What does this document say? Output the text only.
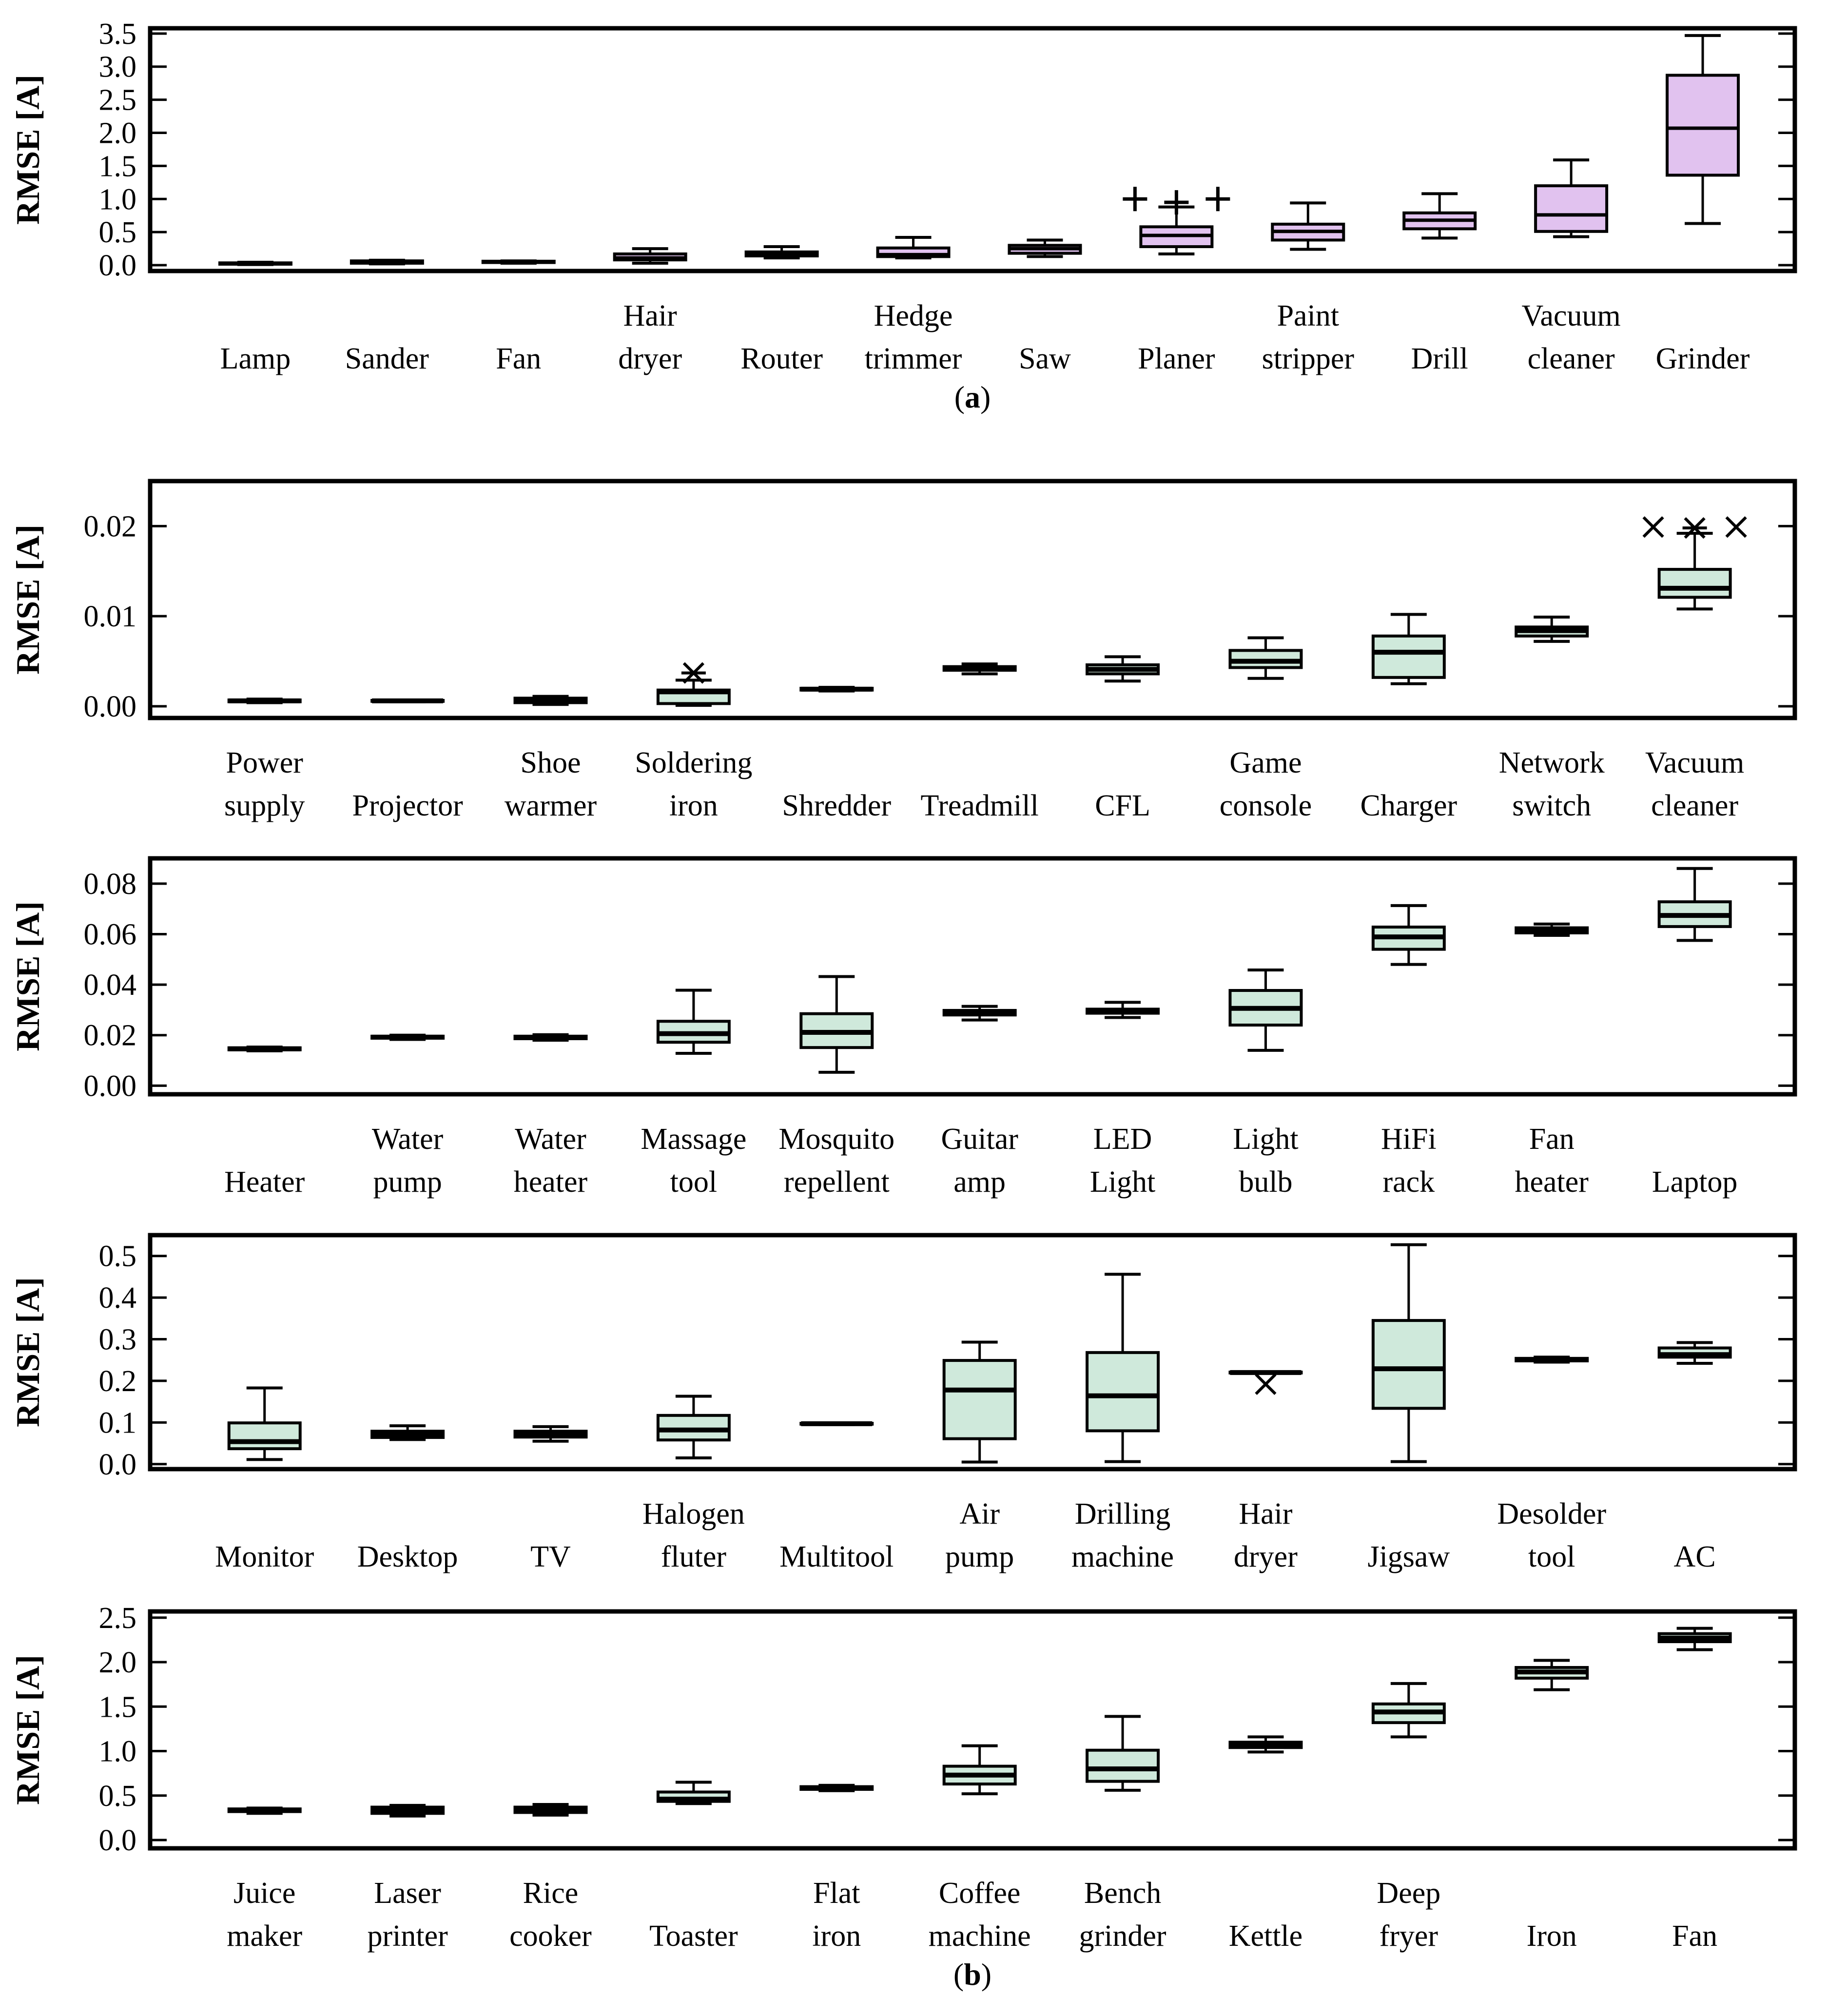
0.0
0.5
1.0
1.5
2.0
2.5
3.0
3.5
RMSE [A]
Lamp Sander Fan
Hair dryer Router
Hedge trimmer Saw Planer
Paint stripper Drill
Vacuum cleaner Grinder
(a)
0.00
0.01
0.02
RMSE [A]
Power supply Projector
Shoe warmer
Soldering iron	Shredder Treadmill CFL
Game console Charger
Network switch
Vacuum cleaner
0.00
0.02
0.04
0.06
0.08
RMSE [A]
Heater
Water pump
Water heater
Massage tool
Mosquito repellent
Guitar amp
LED Light
Light bulb
HiFi rack
Fan heater Laptop
0.0
0.1
0.2
0.3
0.4
0.5
RMSE [A]
Monitor Desktop TV
Halogen fluter	Multitool
Air pump
Drilling machine
Hair dryer Jigsaw
Desolder tool	AC
0.0
0.5
1.0
1.5
2.0
2.5
RMSE [A]
Juice maker
Laser printer
Rice cooker Toaster
Flat iron
Coffee machine
Bench grinder Kettle
Deep fryer	Iron	Fan
(b)
